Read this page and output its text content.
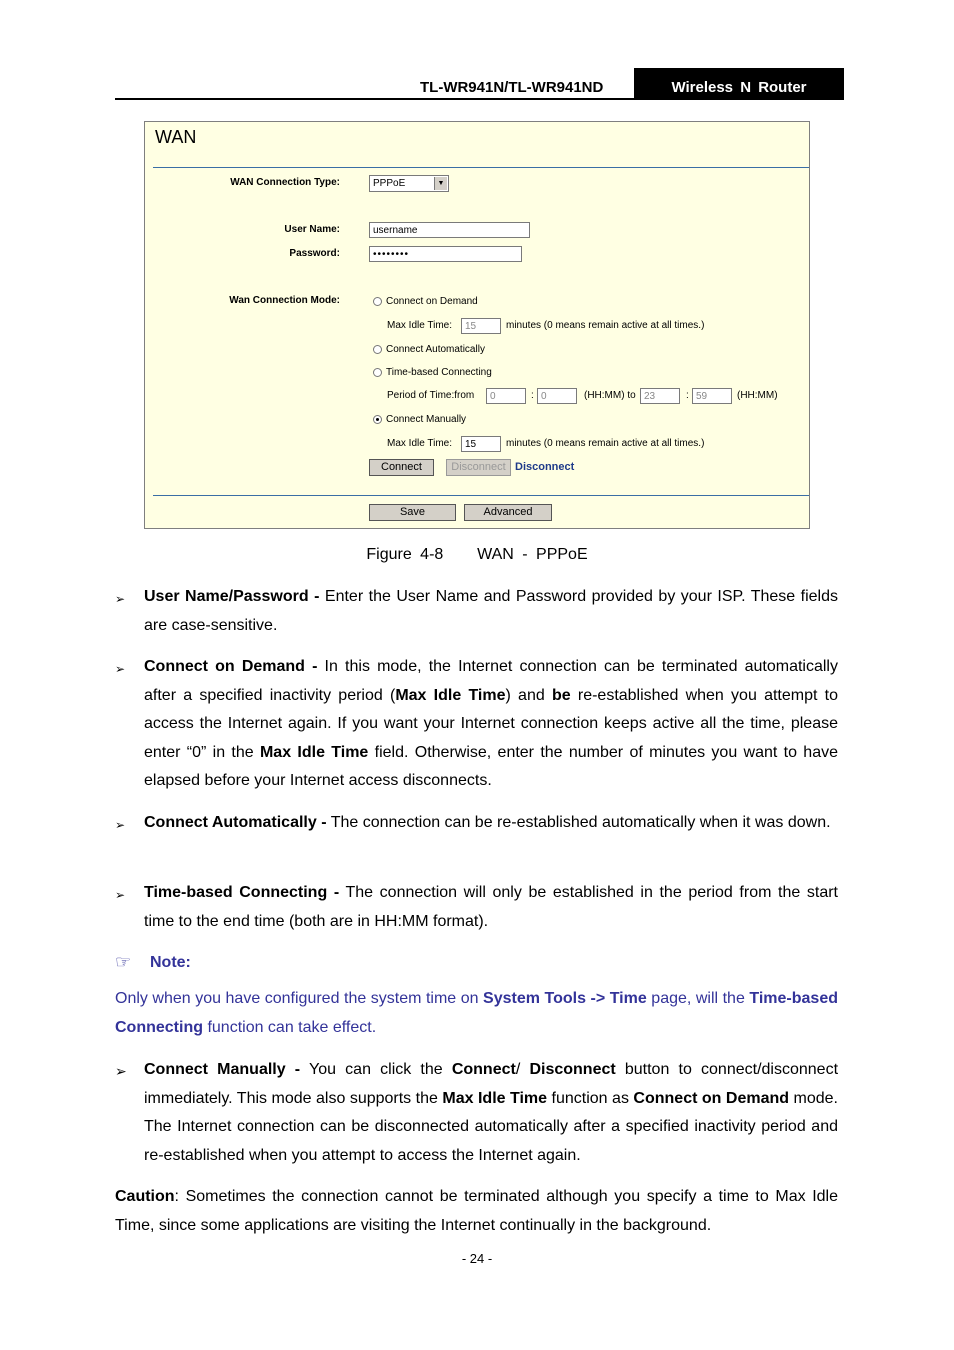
TL-WR941N/TL-WR941ND	Wireless N Router
WAN
WAN Connection Type:	PPPoE	▼
User Name:	username
Password:	••••••••
Wan Connection Mode:	Connect on Demand
Max Idle Time:	15	minutes (0 means remain active at all times.)
Connect Automatically
Time-based Connecting
Period of Time:from	0	: 0	(HH:MM) to 23	: 59	(HH:MM)
Connect Manually
Max Idle Time:	15	minutes (0 means remain active at all times.)
Connect	Disconnect Disconnect
Save	Advanced
Figure 4-8    WAN - PPPoE
➢ User Name/Password - Enter the User Name and Password provided by your ISP. These fields are case-sensitive.
➢ Connect on Demand - In this mode, the Internet connection can be terminated automatically after a specified inactivity period (Max Idle Time) and be re-established when you attempt to access the Internet again. If you want your Internet connection keeps active all the time, please enter “0” in the Max Idle Time field. Otherwise, enter the number of minutes you want to have elapsed before your Internet access disconnects.
➢ Connect Automatically - The connection can be re-established automatically when it was down.
➢ Time-based Connecting - The connection will only be established in the period from the start time to the end time (both are in HH:MM format).
☞ Note:
Only when you have configured the system time on System Tools -> Time page, will the Time-based Connecting function can take effect.
➢ Connect Manually - You can click the Connect/ Disconnect button to connect/disconnect immediately. This mode also supports the Max Idle Time function as Connect on Demand mode. The Internet connection can be disconnected automatically after a specified inactivity period and re-established when you attempt to access the Internet again.
Caution: Sometimes the connection cannot be terminated although you specify a time to Max Idle Time, since some applications are visiting the Internet continually in the background.
- 24 -
